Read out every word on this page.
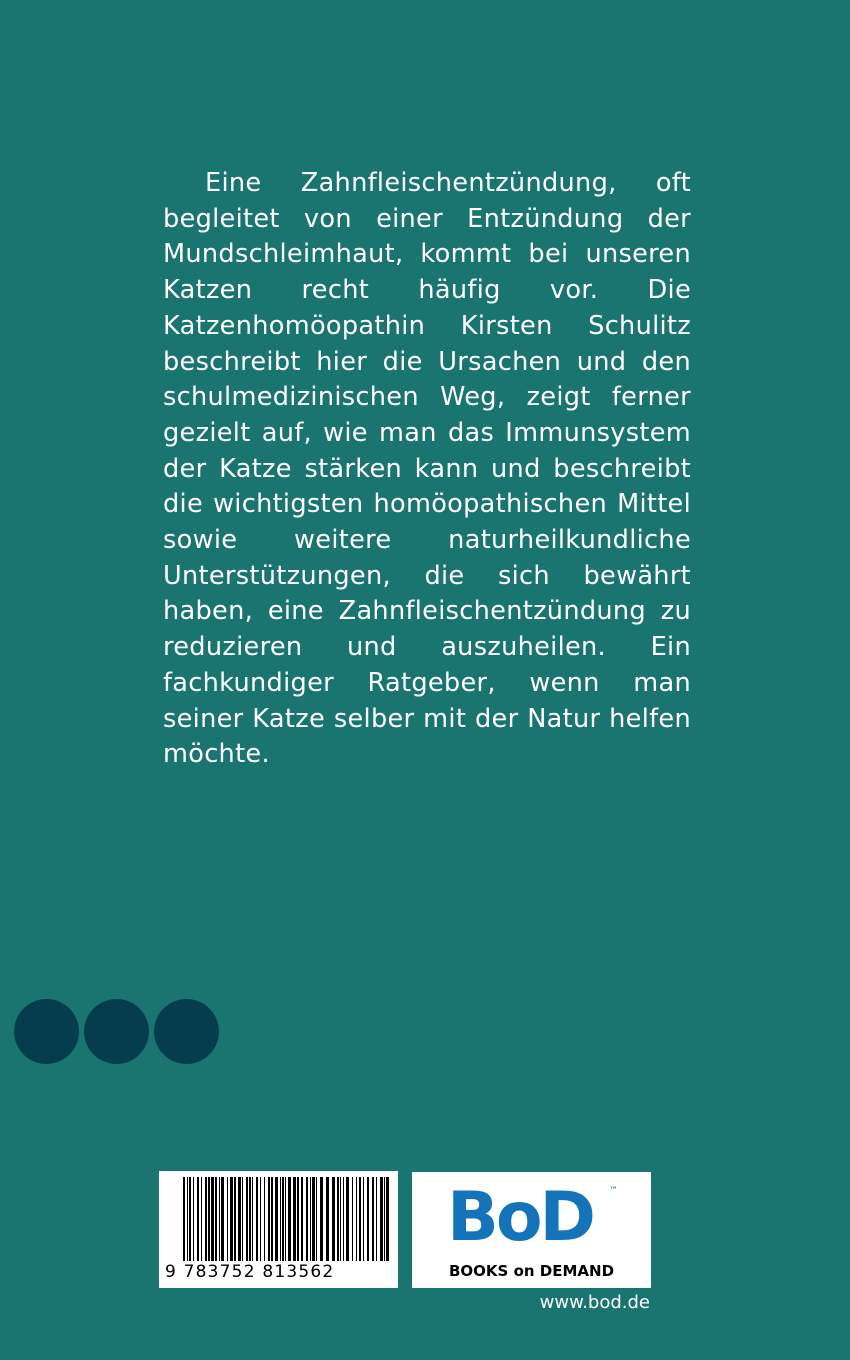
Eine Zahnfleischentzündung, oft begleitet von einer Entzündung der Mundschleimhaut, kommt bei unseren Katzen recht häufig vor. Die Katzenhomöopathin Kirsten Schulitz beschreibt hier die Ursachen und den schulmedizinischen Weg, zeigt ferner gezielt auf, wie man das Immunsystem der Katze stärken kann und beschreibt die wichtigsten homöopathischen Mittel sowie weitere naturheilkundliche Unterstützungen, die sich bewährt haben, eine Zahnfleischentzündung zu reduzieren und auszuheilen. Ein fachkundiger Ratgeber, wenn man seiner Katze selber mit der Natur helfen möchte.

9 783752 813562
BoD ™
BOOKS on DEMAND
www.bod.de
